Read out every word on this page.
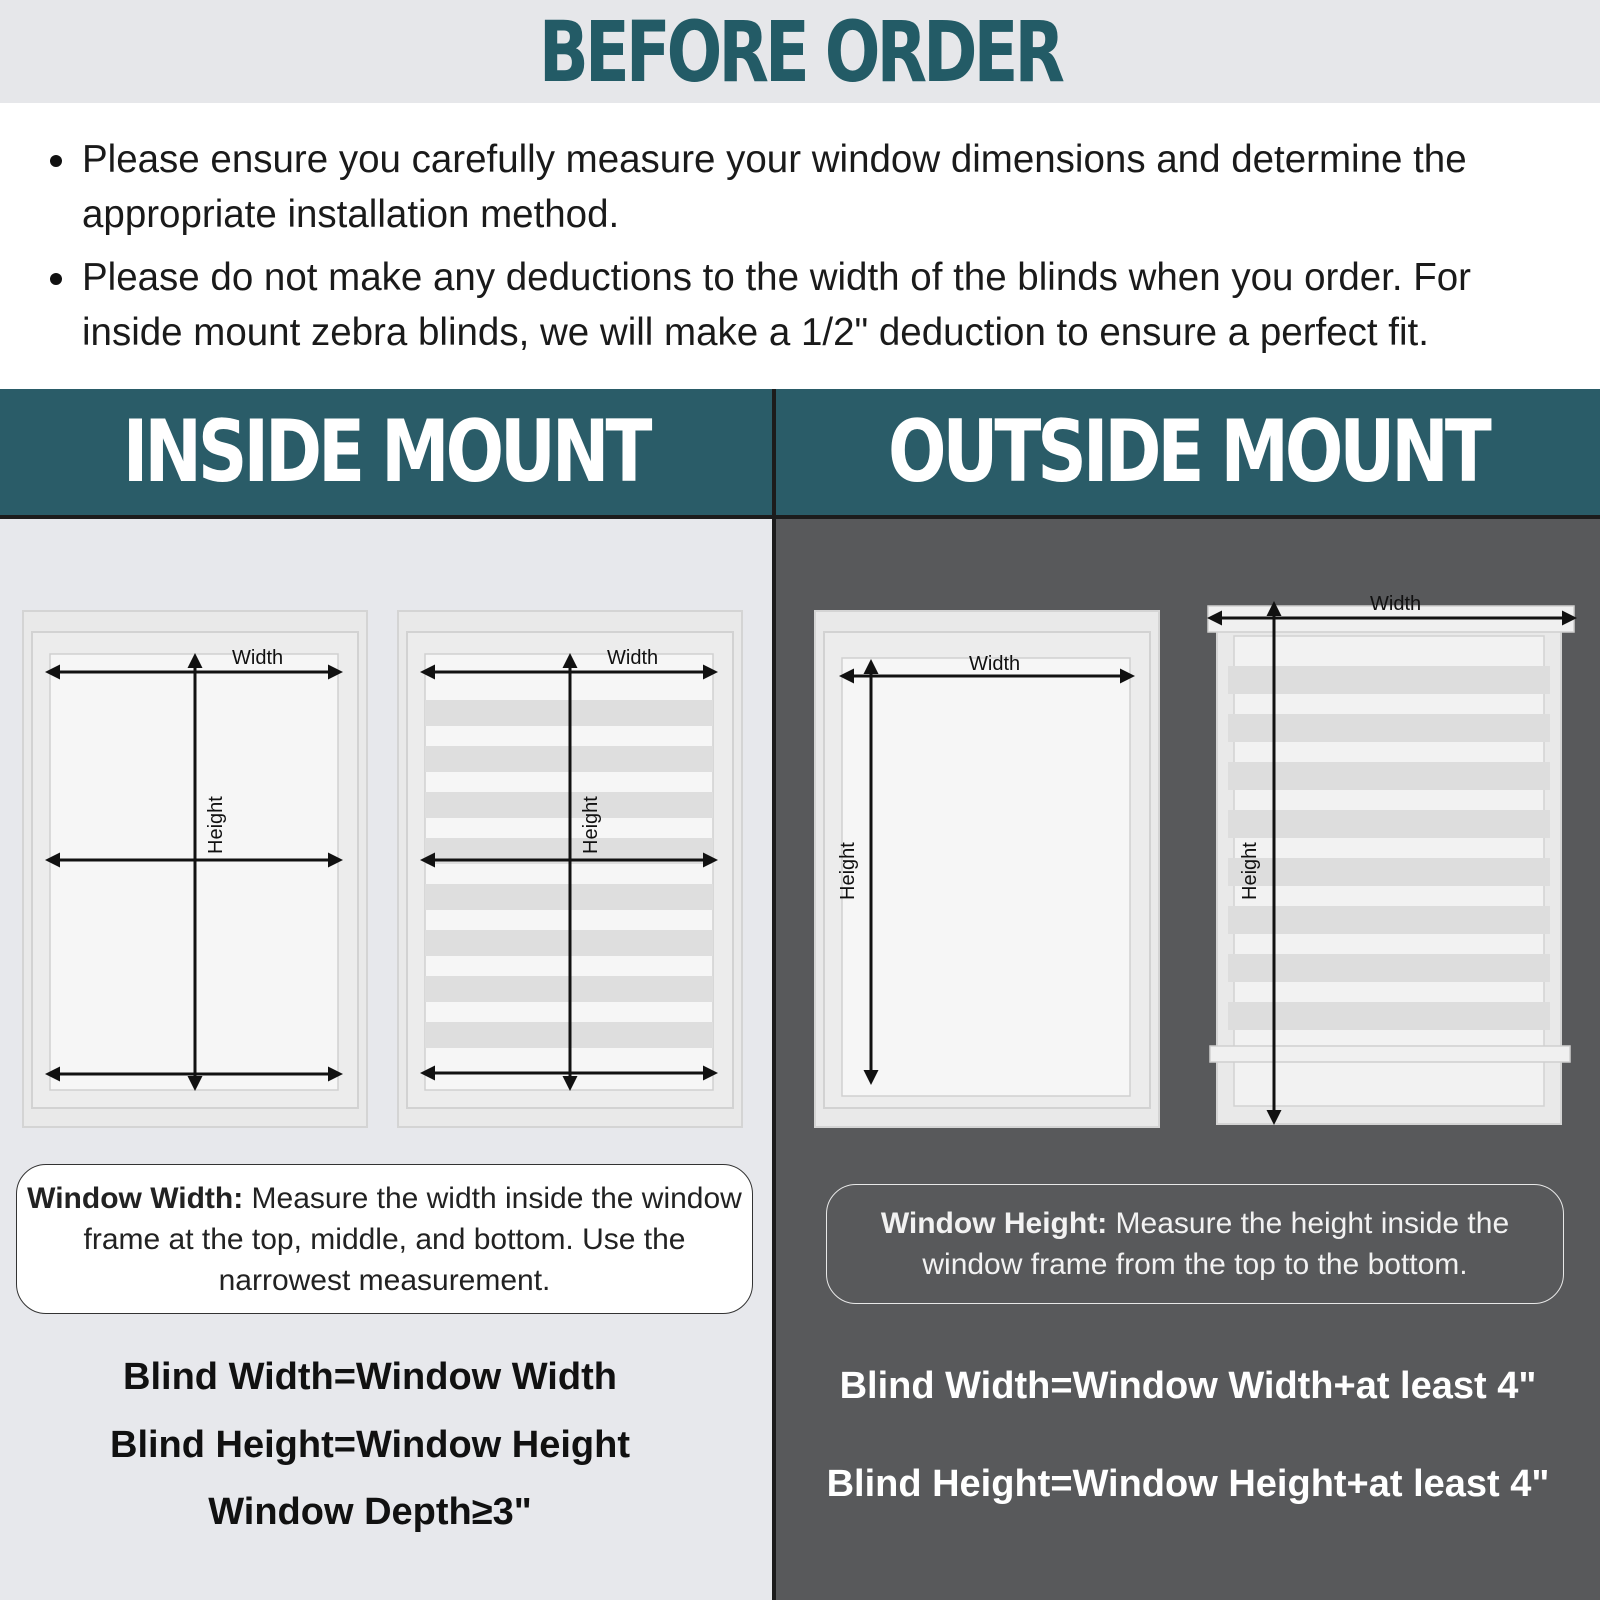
BEFORE ORDER
Please ensure you carefully measure your window dimensions and determine the appropriate installation method.
Please do not make any deductions to the width of the blinds when you order. For inside mount zebra blinds, we will make a 1/2" deduction to ensure a perfect fit.
INSIDE MOUNT	OUTSIDE MOUNT
Width
Height
Width
Height
Width
Height
Width
Height
Window Width: Measure the width inside the window frame at the top, middle, and bottom. Use the narrowest measurement.
Window Height: Measure the height inside the window frame from the top to the bottom.
Blind Width=Window Width
Blind Height=Window Height
Window Depth≥3"
Blind Width=Window Width+at least 4"
Blind Height=Window Height+at least 4"
